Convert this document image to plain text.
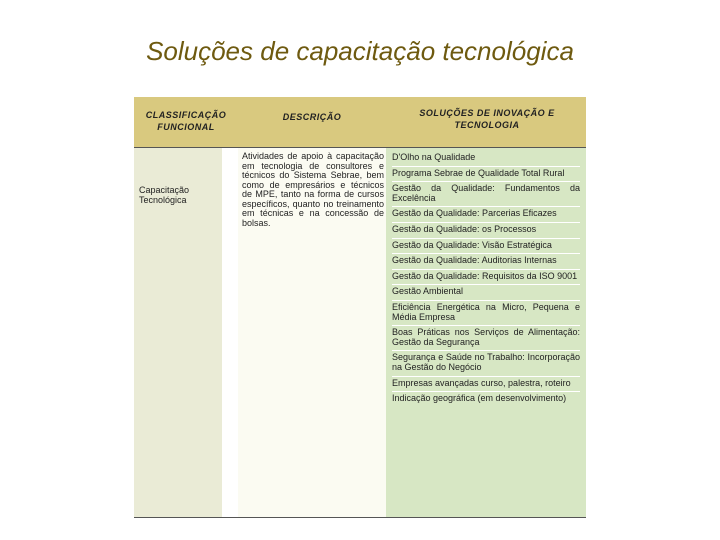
Soluções de capacitação tecnológica
CLASSIFICAÇÃO FUNCIONAL
DESCRIÇÃO	SOLUÇÕES DE INOVAÇÃO E TECNOLOGIA
Capacitação Tecnológica
Atividades de apoio à capacitação em tecnologia de consultores e técnicos do Sistema Sebrae, bem como de empresários e técnicos de MPE, tanto na forma de cursos específicos, quanto no treinamento em técnicas e na concessão de bolsas.
D'Olho na Qualidade
Programa Sebrae de Qualidade Total Rural
Gestão da Qualidade: Fundamentos da Excelência
Gestão da Qualidade: Parcerias Eficazes
Gestão da Qualidade: os Processos
Gestão da Qualidade: Visão Estratégica
Gestão da Qualidade: Auditorias Internas
Gestão da Qualidade: Requisitos da ISO 9001
Gestão Ambiental
Eficiência Energética na Micro, Pequena e Média Empresa
Boas Práticas nos Serviços de Alimentação: Gestão da Segurança
Segurança e Saúde no Trabalho: Incorporação na Gestão do Negócio
Empresas avançadas curso, palestra, roteiro
Indicação geográfica (em desenvolvimento)
